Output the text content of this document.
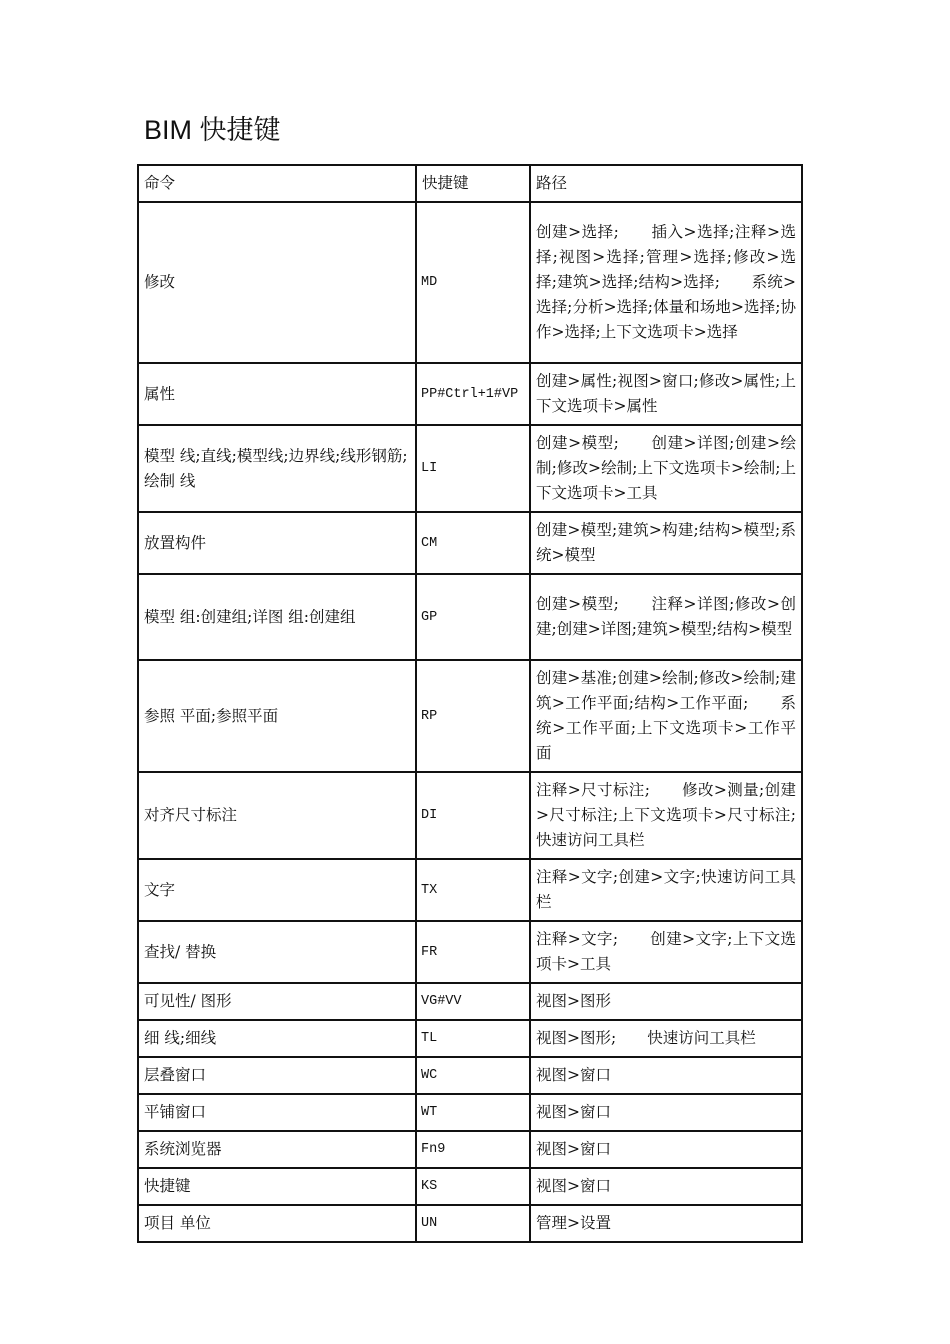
BIM 快捷键
命令	快捷键	路径
修改	MD	创建>选择;　　插入>选择;注释>选择;视图>选择;管理>选择;修改>选择;建筑>选择;结构>选择;　　系统>选择;分析>选择;体量和场地>选择;协作>选择;上下文选项卡>选择
属性	PP#Ctrl+1#VP	创建>属性;视图>窗口;修改>属性;上下文选项卡>属性
模型 线;直线;模型线;边界线;线形钢筋;绘制 线	LI	创建>模型;　　创建>详图;创建>绘制;修改>绘制;上下文选项卡>绘制;上下文选项卡>工具
放置构件	CM	创建>模型;建筑>构建;结构>模型;系统>模型
模型 组:创建组;详图 组:创建组	GP	创建>模型;　　注释>详图;修改>创建;创建>详图;建筑>模型;结构>模型
参照 平面;参照平面	RP	创建>基准;创建>绘制;修改>绘制;建筑>工作平面;结构>工作平面;　　系统>工作平面;上下文选项卡>工作平面
对齐尺寸标注	DI	注释>尺寸标注;　　修改>测量;创建>尺寸标注;上下文选项卡>尺寸标注;快速访问工具栏
文字	TX	注释>文字;创建>文字;快速访问工具栏
查找/ 替换	FR	注释>文字;　　创建>文字;上下文选项卡>工具
可见性/ 图形	VG#VV	视图>图形
细 线;细线	TL	视图>图形;　　快速访问工具栏
层叠窗口	WC	视图>窗口
平铺窗口	WT	视图>窗口
系统浏览器	Fn9	视图>窗口
快捷键	KS	视图>窗口
项目 单位	UN	管理>设置
